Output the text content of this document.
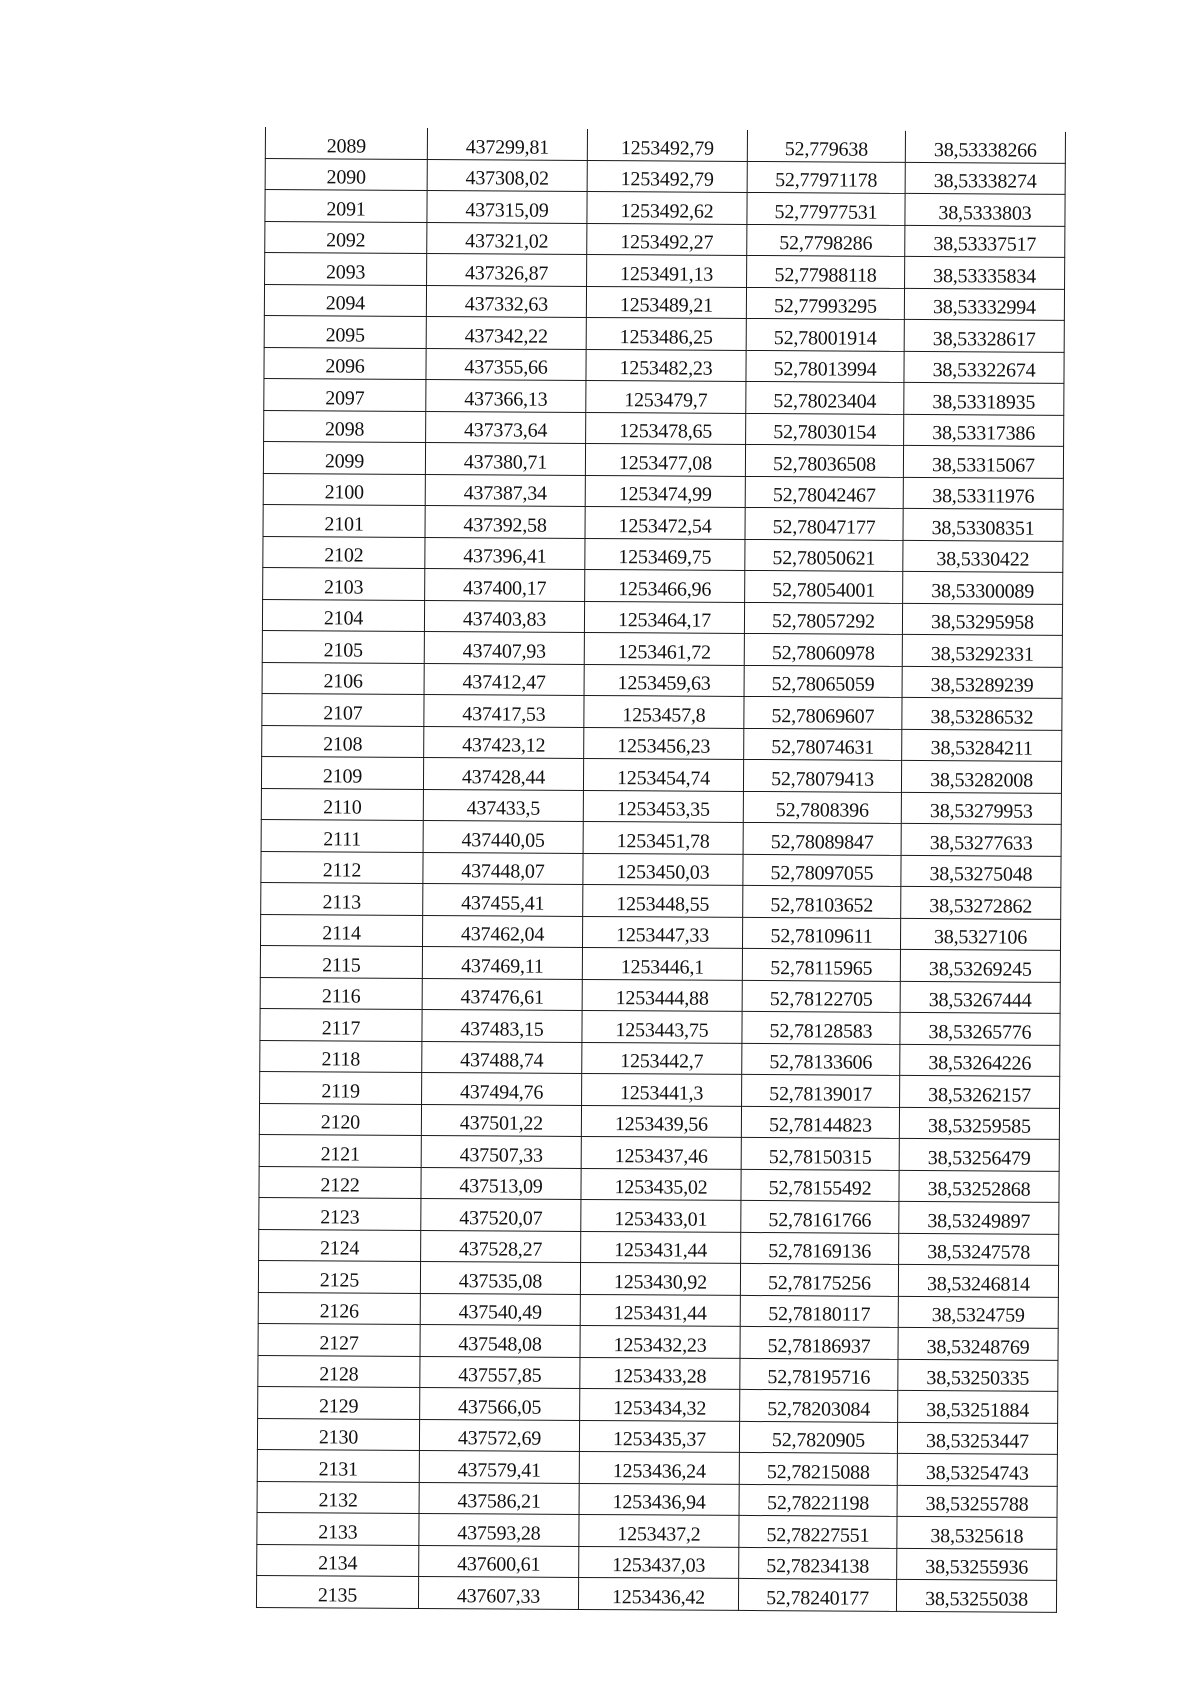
2089	437299,81	1253492,79	52,779638	38,53338266
2090	437308,02	1253492,79	52,77971178	38,53338274
2091	437315,09	1253492,62	52,77977531	38,5333803
2092	437321,02	1253492,27	52,7798286	38,53337517
2093	437326,87	1253491,13	52,77988118	38,53335834
2094	437332,63	1253489,21	52,77993295	38,53332994
2095	437342,22	1253486,25	52,78001914	38,53328617
2096	437355,66	1253482,23	52,78013994	38,53322674
2097	437366,13	1253479,7	52,78023404	38,53318935
2098	437373,64	1253478,65	52,78030154	38,53317386
2099	437380,71	1253477,08	52,78036508	38,53315067
2100	437387,34	1253474,99	52,78042467	38,53311976
2101	437392,58	1253472,54	52,78047177	38,53308351
2102	437396,41	1253469,75	52,78050621	38,5330422
2103	437400,17	1253466,96	52,78054001	38,53300089
2104	437403,83	1253464,17	52,78057292	38,53295958
2105	437407,93	1253461,72	52,78060978	38,53292331
2106	437412,47	1253459,63	52,78065059	38,53289239
2107	437417,53	1253457,8	52,78069607	38,53286532
2108	437423,12	1253456,23	52,78074631	38,53284211
2109	437428,44	1253454,74	52,78079413	38,53282008
2110	437433,5	1253453,35	52,7808396	38,53279953
2111	437440,05	1253451,78	52,78089847	38,53277633
2112	437448,07	1253450,03	52,78097055	38,53275048
2113	437455,41	1253448,55	52,78103652	38,53272862
2114	437462,04	1253447,33	52,78109611	38,5327106
2115	437469,11	1253446,1	52,78115965	38,53269245
2116	437476,61	1253444,88	52,78122705	38,53267444
2117	437483,15	1253443,75	52,78128583	38,53265776
2118	437488,74	1253442,7	52,78133606	38,53264226
2119	437494,76	1253441,3	52,78139017	38,53262157
2120	437501,22	1253439,56	52,78144823	38,53259585
2121	437507,33	1253437,46	52,78150315	38,53256479
2122	437513,09	1253435,02	52,78155492	38,53252868
2123	437520,07	1253433,01	52,78161766	38,53249897
2124	437528,27	1253431,44	52,78169136	38,53247578
2125	437535,08	1253430,92	52,78175256	38,53246814
2126	437540,49	1253431,44	52,78180117	38,5324759
2127	437548,08	1253432,23	52,78186937	38,53248769
2128	437557,85	1253433,28	52,78195716	38,53250335
2129	437566,05	1253434,32	52,78203084	38,53251884
2130	437572,69	1253435,37	52,7820905	38,53253447
2131	437579,41	1253436,24	52,78215088	38,53254743
2132	437586,21	1253436,94	52,78221198	38,53255788
2133	437593,28	1253437,2	52,78227551	38,5325618
2134	437600,61	1253437,03	52,78234138	38,53255936
2135	437607,33	1253436,42	52,78240177	38,53255038
